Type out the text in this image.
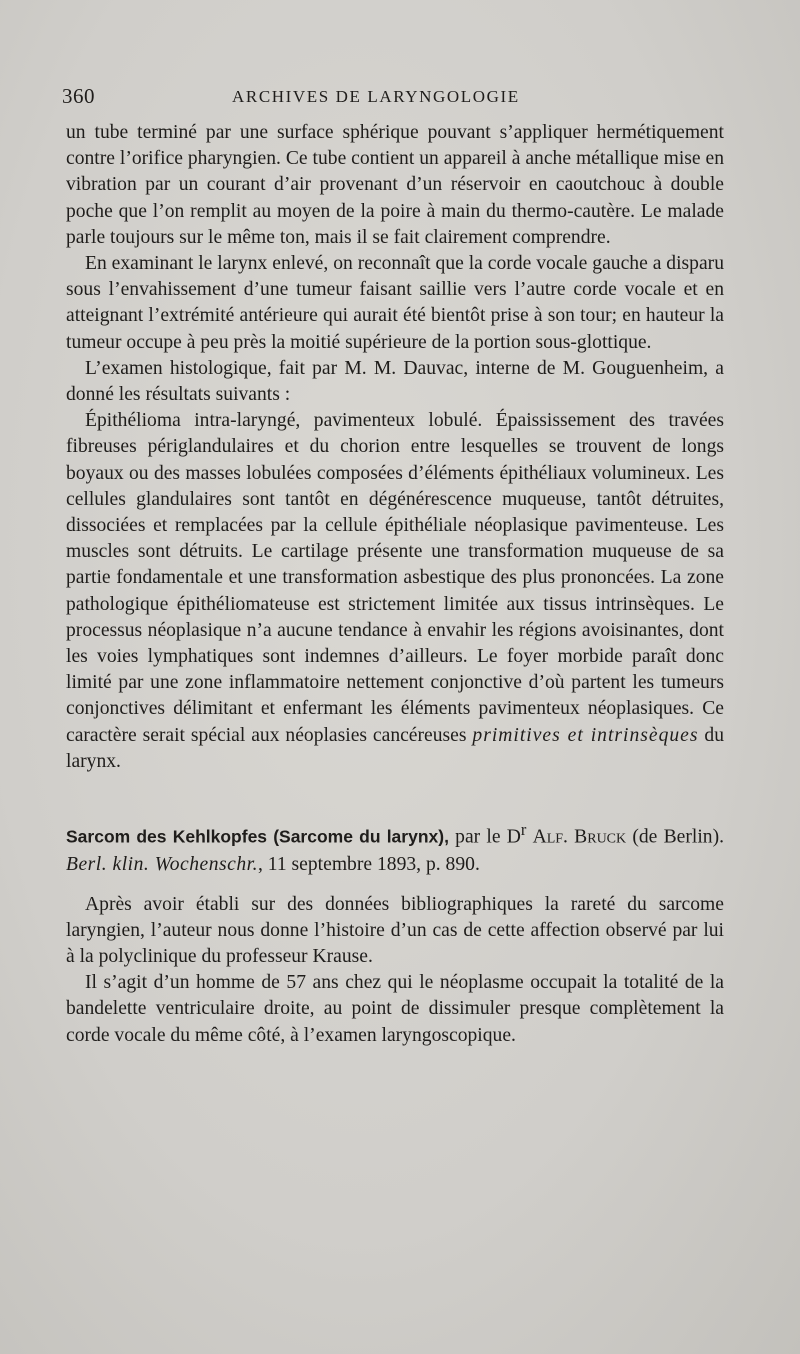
360	ARCHIVES DE LARYNGOLOGIE

un tube terminé par une surface sphérique pouvant s’appliquer hermétiquement contre l’orifice pharyngien. Ce tube contient un appareil à anche métallique mise en vibration par un courant d’air provenant d’un réservoir en caoutchouc à double poche que l’on remplit au moyen de la poire à main du thermo-cautère. Le malade parle toujours sur le même ton, mais il se fait clairement comprendre.

En examinant le larynx enlevé, on reconnaît que la corde vocale gauche a disparu sous l’envahissement d’une tumeur faisant saillie vers l’autre corde vocale et en atteignant l’extrémité antérieure qui aurait été bientôt prise à son tour; en hauteur la tumeur occupe à peu près la moitié supérieure de la portion sous-glottique.

L’examen histologique, fait par M. M. Dauvac, interne de M. Gouguenheim, a donné les résultats suivants :

Épithélioma intra-laryngé, pavimenteux lobulé. Épaississement des travées fibreuses périglandulaires et du chorion entre lesquelles se trouvent de longs boyaux ou des masses lobulées composées d’éléments épithéliaux volumineux. Les cellules glandulaires sont tantôt en dégénérescence muqueuse, tantôt détruites, dissociées et remplacées par la cellule épithéliale néoplasique pavimenteuse. Les muscles sont détruits. Le cartilage présente une transformation muqueuse de sa partie fondamentale et une transformation asbestique des plus prononcées. La zone pathologique épithéliomateuse est strictement limitée aux tissus intrinsèques. Le processus néoplasique n’a aucune tendance à envahir les régions avoisinantes, dont les voies lymphatiques sont indemnes d’ailleurs. Le foyer morbide paraît donc limité par une zone inflammatoire nettement conjonctive d’où partent les tumeurs conjonctives délimitant et enfermant les éléments pavimenteux néoplasiques. Ce caractère serait spécial aux néoplasies cancéreuses primitives et intrinsèques du larynx.

Sarcom des Kehlkopfes (Sarcome du larynx), par le $D^r$ Alf. Bruck (de Berlin). Berl. klin. Wochenschr., 11 septembre 1893, p. 890.

Après avoir établi sur des données bibliographiques la rareté du sarcome laryngien, l’auteur nous donne l’histoire d’un cas de cette affection observé par lui à la polyclinique du professeur Krause.

Il s’agit d’un homme de 57 ans chez qui le néoplasme occupait la totalité de la bandelette ventriculaire droite, au point de dissimuler presque complètement la corde vocale du même côté, à l’examen laryngoscopique.
